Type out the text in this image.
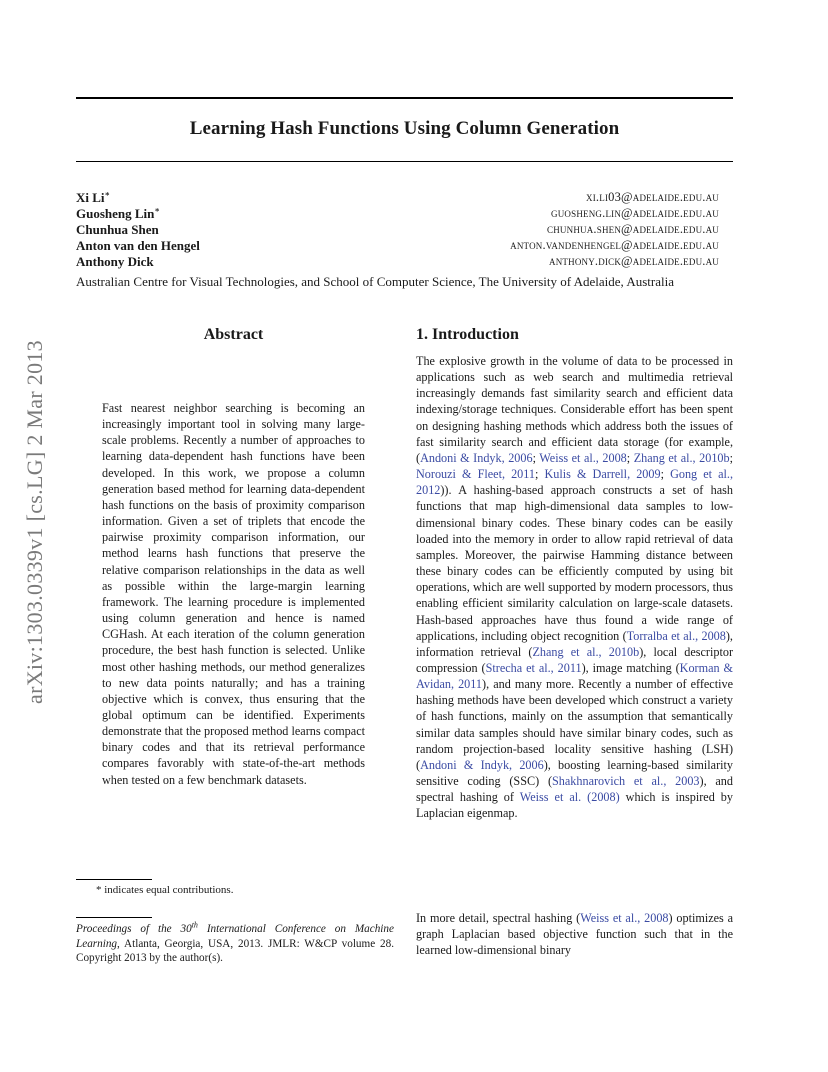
arXiv:1303.0339v1 [cs.LG] 2 Mar 2013
Learning Hash Functions Using Column Generation
Xi Li∗	xi.li03@adelaide.edu.au
Guosheng Lin∗	guosheng.lin@adelaide.edu.au
Chunhua Shen	chunhua.shen@adelaide.edu.au
Anton van den Hengel	anton.vandenhengel@adelaide.edu.au
Anthony Dick	anthony.dick@adelaide.edu.au
Australian Centre for Visual Technologies, and School of Computer Science, The University of Adelaide, Australia
Abstract
Fast nearest neighbor searching is becoming an increasingly important tool in solving many large-scale problems. Recently a number of approaches to learning data-dependent hash functions have been developed. In this work, we propose a column generation based method for learning data-dependent hash functions on the basis of proximity comparison information. Given a set of triplets that encode the pairwise proximity comparison information, our method learns hash functions that preserve the relative comparison relationships in the data as well as possible within the large-margin learning framework. The learning procedure is implemented using column generation and hence is named CGHash. At each iteration of the column generation procedure, the best hash function is selected. Unlike most other hashing methods, our method generalizes to new data points naturally; and has a training objective which is convex, thus ensuring that the global optimum can be identified. Experiments demonstrate that the proposed method learns compact binary codes and that its retrieval performance compares favorably with state-of-the-art methods when tested on a few benchmark datasets.
* indicates equal contributions.
Proceedings of the 30th International Conference on Machine Learning, Atlanta, Georgia, USA, 2013. JMLR: W&CP volume 28. Copyright 2013 by the author(s).
1. Introduction
The explosive growth in the volume of data to be processed in applications such as web search and multimedia retrieval increasingly demands fast similarity search and efficient data indexing/storage techniques. Considerable effort has been spent on designing hashing methods which address both the issues of fast similarity search and efficient data storage (for example, (Andoni & Indyk, 2006; Weiss et al., 2008; Zhang et al., 2010b; Norouzi & Fleet, 2011; Kulis & Darrell, 2009; Gong et al., 2012)). A hashing-based approach constructs a set of hash functions that map high-dimensional data samples to low-dimensional binary codes. These binary codes can be easily loaded into the memory in order to allow rapid retrieval of data samples. Moreover, the pairwise Hamming distance between these binary codes can be efficiently computed by using bit operations, which are well supported by modern processors, thus enabling efficient similarity calculation on large-scale datasets. Hash-based approaches have thus found a wide range of applications, including object recognition (Torralba et al., 2008), information retrieval (Zhang et al., 2010b), local descriptor compression (Strecha et al., 2011), image matching (Korman & Avidan, 2011), and many more. Recently a number of effective hashing methods have been developed which construct a variety of hash functions, mainly on the assumption that semantically similar data samples should have similar binary codes, such as random projection-based locality sensitive hashing (LSH) (Andoni & Indyk, 2006), boosting learning-based similarity sensitive coding (SSC) (Shakhnarovich et al., 2003), and spectral hashing of Weiss et al. (2008) which is inspired by Laplacian eigenmap.
In more detail, spectral hashing (Weiss et al., 2008) optimizes a graph Laplacian based objective function such that in the learned low-dimensional binary
